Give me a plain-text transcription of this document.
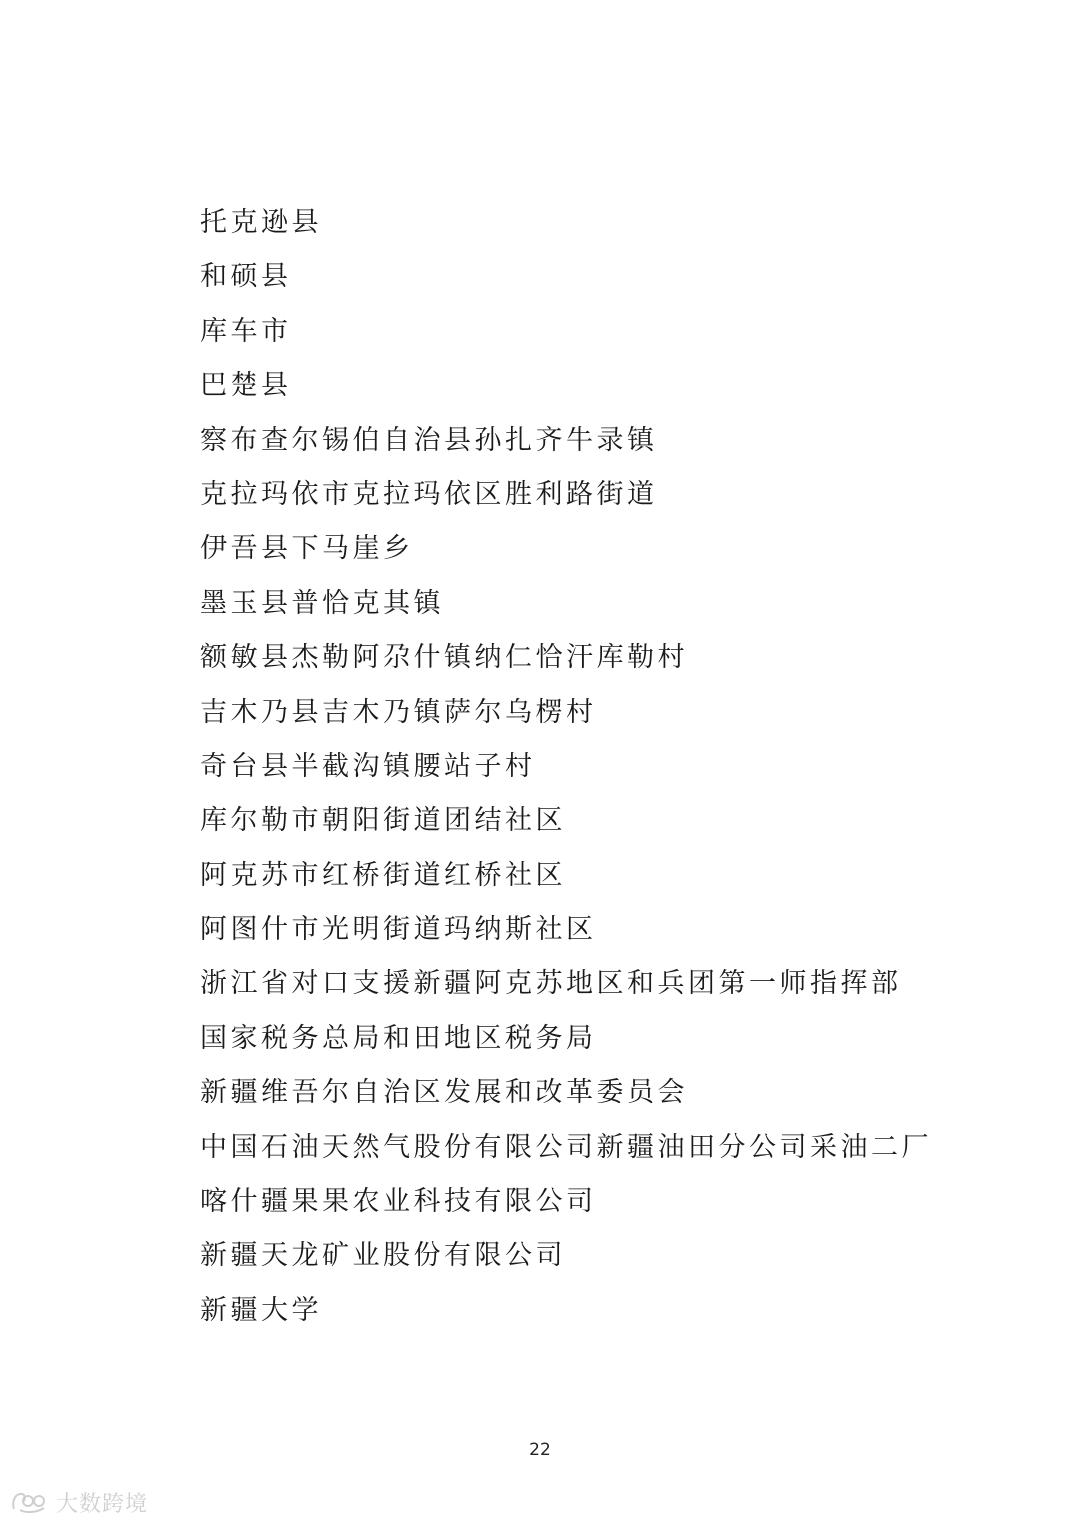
托克逊县
和硕县
库车市
巴楚县
察布查尔锡伯自治县孙扎齐牛录镇
克拉玛依市克拉玛依区胜利路街道
伊吾县下马崖乡
墨玉县普恰克其镇
额敏县杰勒阿尕什镇纳仁恰汗库勒村
吉木乃县吉木乃镇萨尔乌楞村
奇台县半截沟镇腰站子村
库尔勒市朝阳街道团结社区
阿克苏市红桥街道红桥社区
阿图什市光明街道玛纳斯社区
浙江省对口支援新疆阿克苏地区和兵团第一师指挥部
国家税务总局和田地区税务局
新疆维吾尔自治区发展和改革委员会
中国石油天然气股份有限公司新疆油田分公司采油二厂
喀什疆果果农业科技有限公司
新疆天龙矿业股份有限公司
新疆大学
22
大数跨境
